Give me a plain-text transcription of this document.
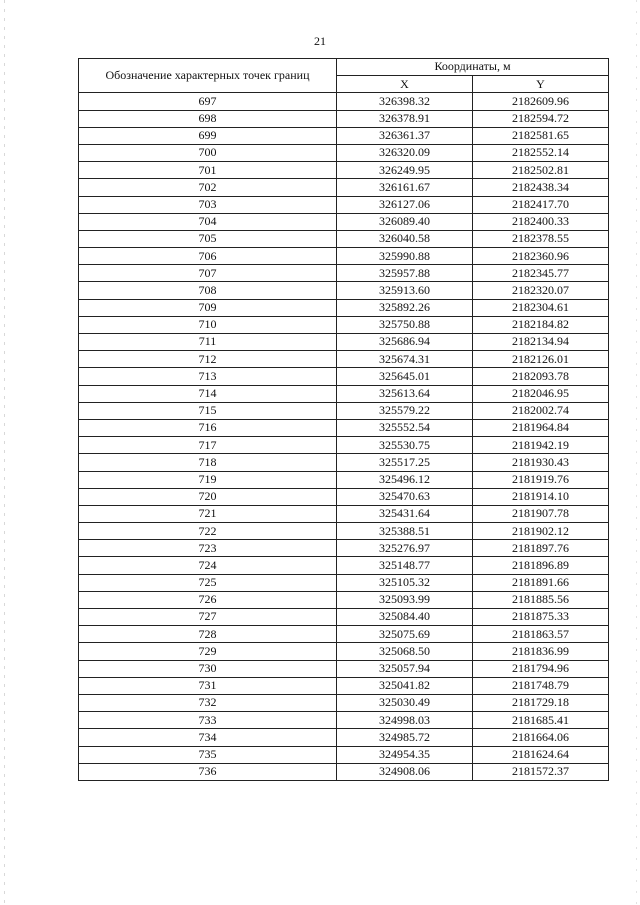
21
Обозначение характерных точек границ	Координаты, м	
	X	Y
697	326398.32	2182609.96
698	326378.91	2182594.72
699	326361.37	2182581.65
700	326320.09	2182552.14
701	326249.95	2182502.81
702	326161.67	2182438.34
703	326127.06	2182417.70
704	326089.40	2182400.33
705	326040.58	2182378.55
706	325990.88	2182360.96
707	325957.88	2182345.77
708	325913.60	2182320.07
709	325892.26	2182304.61
710	325750.88	2182184.82
711	325686.94	2182134.94
712	325674.31	2182126.01
713	325645.01	2182093.78
714	325613.64	2182046.95
715	325579.22	2182002.74
716	325552.54	2181964.84
717	325530.75	2181942.19
718	325517.25	2181930.43
719	325496.12	2181919.76
720	325470.63	2181914.10
721	325431.64	2181907.78
722	325388.51	2181902.12
723	325276.97	2181897.76
724	325148.77	2181896.89
725	325105.32	2181891.66
726	325093.99	2181885.56
727	325084.40	2181875.33
728	325075.69	2181863.57
729	325068.50	2181836.99
730	325057.94	2181794.96
731	325041.82	2181748.79
732	325030.49	2181729.18
733	324998.03	2181685.41
734	324985.72	2181664.06
735	324954.35	2181624.64
736	324908.06	2181572.37
